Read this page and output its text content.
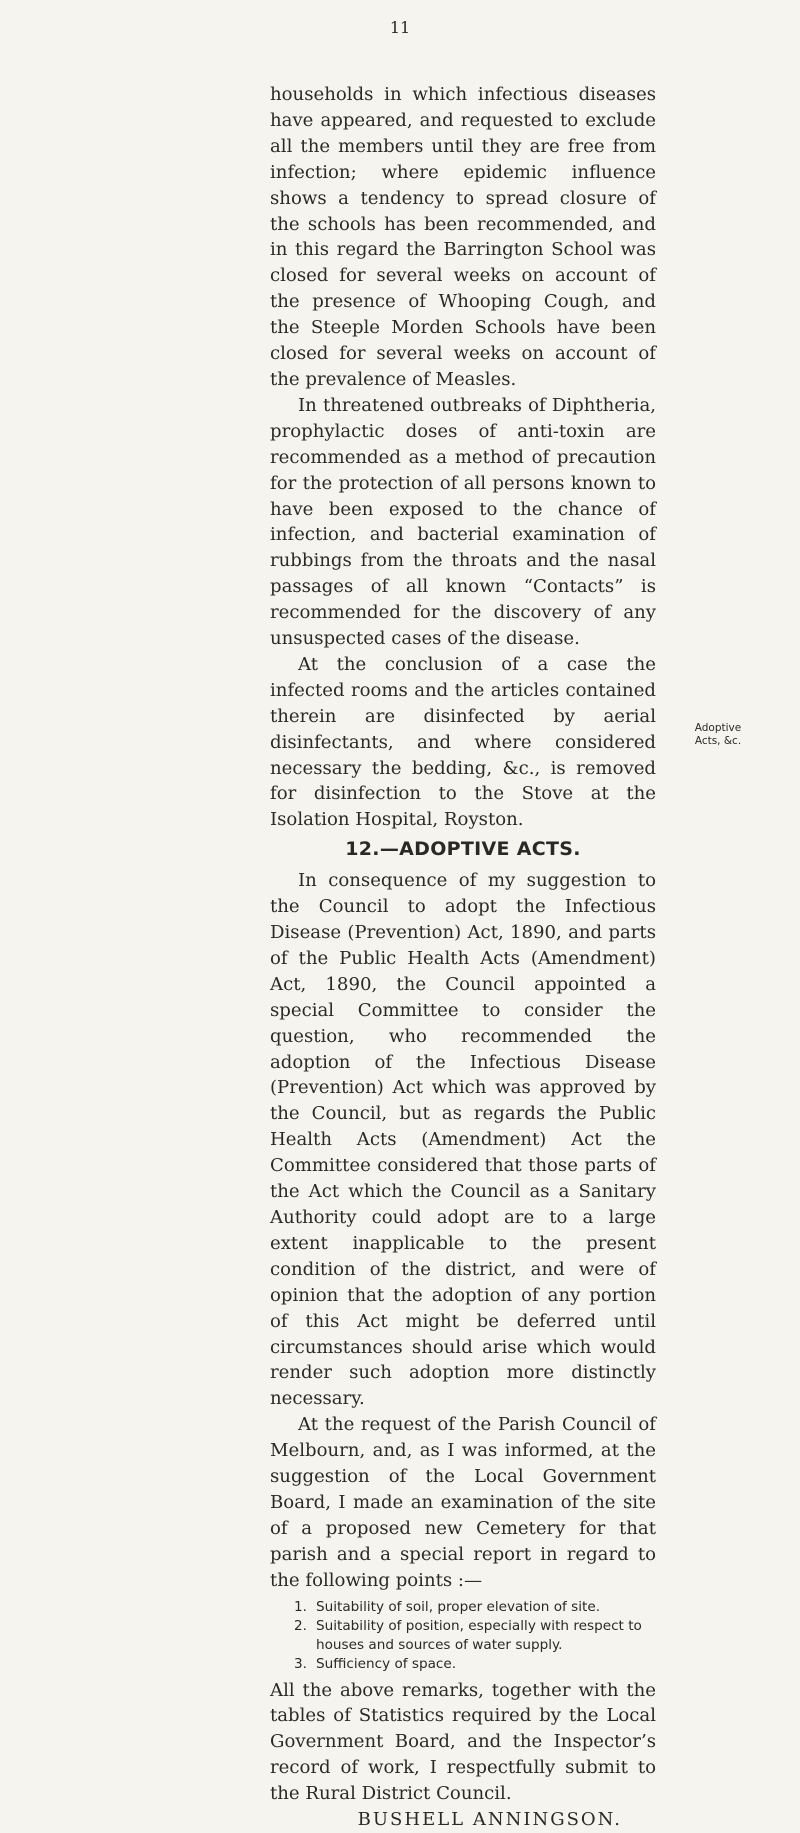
11

households in which infectious diseases have appeared, and requested to exclude all the members until they are free from infection; where epidemic influence shows a tendency to spread closure of the schools has been recommended, and in this regard the Barrington School was closed for several weeks on account of the presence of Whooping Cough, and the Steeple Morden Schools have been closed for several weeks on account of the prevalence of Measles.

In threatened outbreaks of Diphtheria, prophylactic doses of anti-toxin are recommended as a method of precaution for the protection of all persons known to have been exposed to the chance of infection, and bacterial examination of rubbings from the throats and the nasal passages of all known “Contacts” is recommended for the discovery of any unsuspected cases of the disease.

At the conclusion of a case the infected rooms and the articles contained therein are disinfected by aerial disinfectants, and where considered necessary the bedding, &c., is removed for disinfection to the Stove at the Isolation Hospital, Royston.

12.—ADOPTIVE ACTS.

In consequence of my suggestion to the Council to adopt the Infectious Disease (Prevention) Act, 1890, and parts of the Public Health Acts (Amendment) Act, 1890, the Council appointed a special Committee to consider the question, who recommended the adoption of the Infectious Disease (Prevention) Act which was approved by the Council, but as regards the Public Health Acts (Amendment) Act the Committee considered that those parts of the Act which the Council as a Sanitary Authority could adopt are to a large extent inapplicable to the present condition of the district, and were of opinion that the adoption of any portion of this Act might be deferred until circumstances should arise which would render such adoption more distinctly necessary.

At the request of the Parish Council of Melbourn, and, as I was informed, at the suggestion of the Local Government Board, I made an examination of the site of a proposed new Cemetery for that parish and a special report in regard to the following points :—

1. Suitability of soil, proper elevation of site.
2. Suitability of position, especially with respect to houses and sources of water supply.
3. Sufficiency of space.

All the above remarks, together with the tables of Statistics required by the Local Government Board, and the Inspector’s record of work, I respectfully submit to the Rural District Council.

BUSHELL ANNINGSON.
Adoptive Acts, &c.
